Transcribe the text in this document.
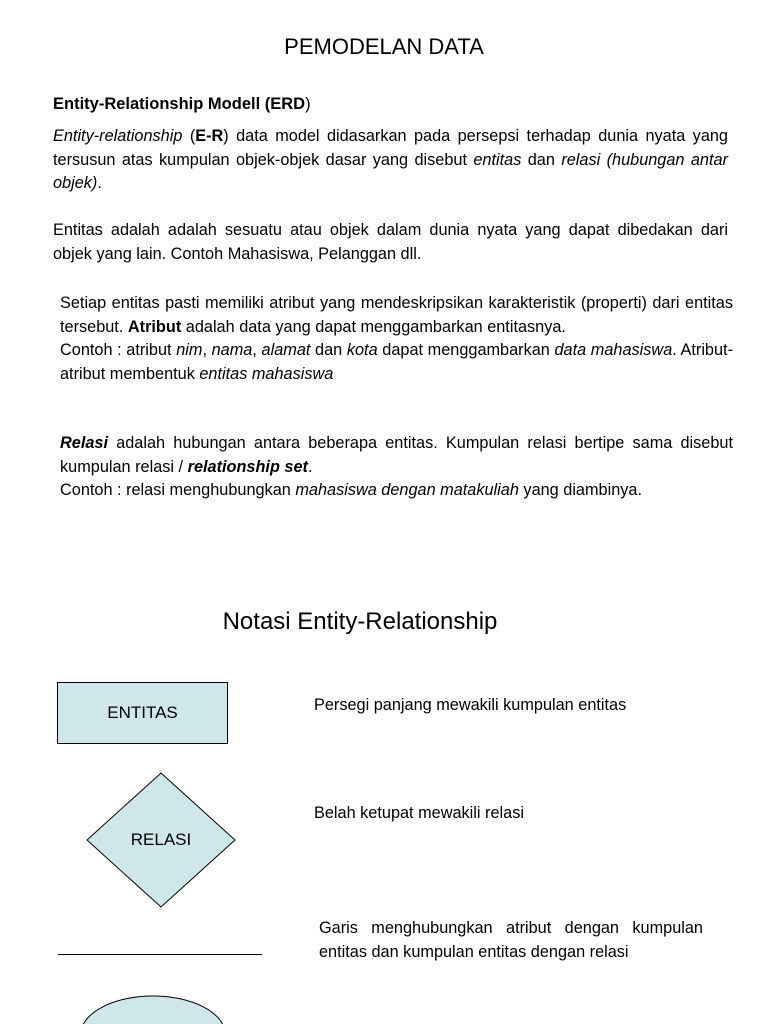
PEMODELAN DATA
Entity-Relationship Modell (ERD)
Entity-relationship (E-R) data model didasarkan pada persepsi terhadap dunia nyata yang tersusun atas kumpulan objek-objek dasar yang disebut entitas dan relasi (hubungan antar objek).
Entitas adalah adalah sesuatu atau objek dalam dunia nyata yang dapat dibedakan dari objek yang lain. Contoh Mahasiswa, Pelanggan dll.
Setiap entitas pasti memiliki atribut yang mendeskripsikan karakteristik (properti) dari entitas tersebut. Atribut adalah data yang dapat menggambarkan entitasnya.
Contoh : atribut nim, nama, alamat dan kota dapat menggambarkan data mahasiswa. Atribut-atribut membentuk entitas mahasiswa
Relasi adalah hubungan antara beberapa entitas. Kumpulan relasi bertipe sama disebut kumpulan relasi / relationship set.
Contoh : relasi menghubungkan mahasiswa dengan matakuliah yang diambinya.
Notasi Entity-Relationship
ENTITAS	Persegi panjang mewakili kumpulan entitas
RELASI
Belah ketupat mewakili relasi
Garis menghubungkan atribut dengan kumpulan entitas dan kumpulan entitas dengan relasi
